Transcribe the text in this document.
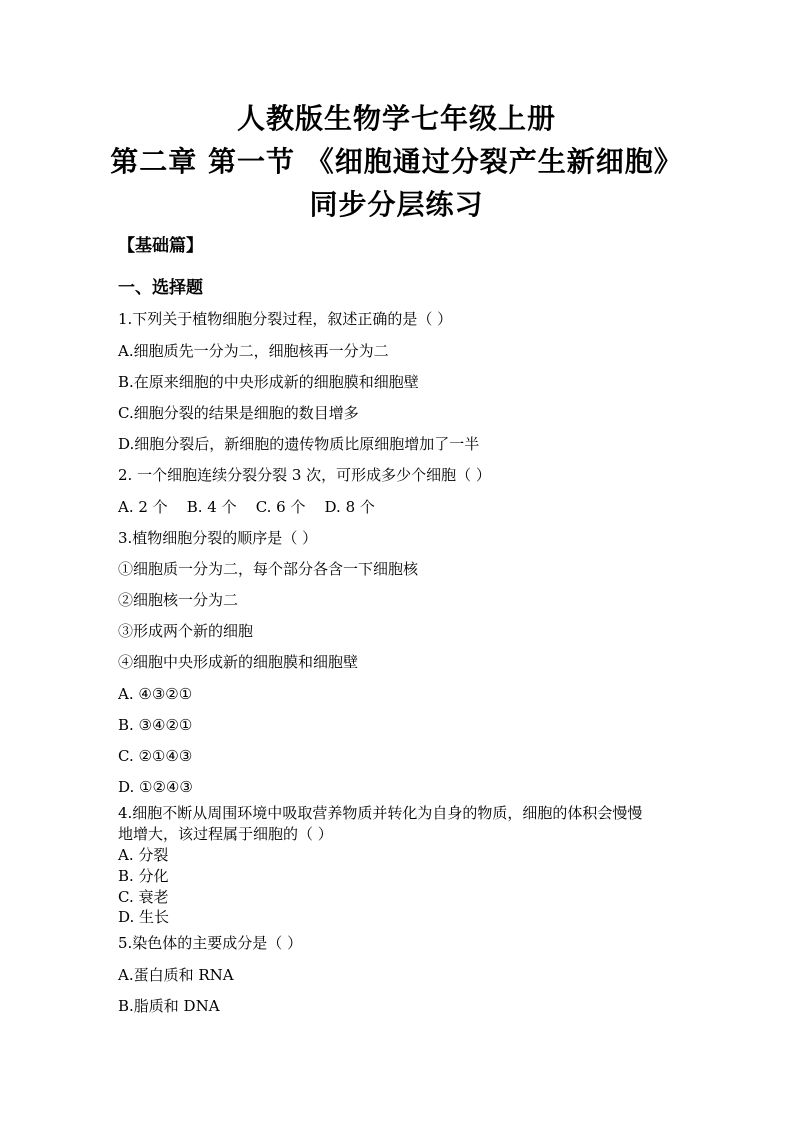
人教版生物学七年级上册
第二章 第一节 《细胞通过分裂产生新细胞》
同步分层练习
【基础篇】
一、选择题
1.下列关于植物细胞分裂过程，叙述正确的是（ ）
A.细胞质先一分为二，细胞核再一分为二
B.在原来细胞的中央形成新的细胞膜和细胞壁
C.细胞分裂的结果是细胞的数目增多
D.细胞分裂后，新细胞的遗传物质比原细胞增加了一半
2. 一个细胞连续分裂分裂 3 次，可形成多少个细胞（ ）
A. 2 个    B. 4 个    C. 6 个    D. 8 个
3.植物细胞分裂的顺序是（ ）
①细胞质一分为二，每个部分各含一下细胞核
②细胞核一分为二
③形成两个新的细胞
④细胞中央形成新的细胞膜和细胞壁
A. ④③②①
B. ③④②①
C. ②①④③
D. ①②④③
4.细胞不断从周围环境中吸取营养物质并转化为自身的物质，细胞的体积会慢慢
地增大，该过程属于细胞的（ ）
A. 分裂
B. 分化
C. 衰老
D. 生长
5.染色体的主要成分是（ ）
A.蛋白质和 RNA
B.脂质和 DNA
